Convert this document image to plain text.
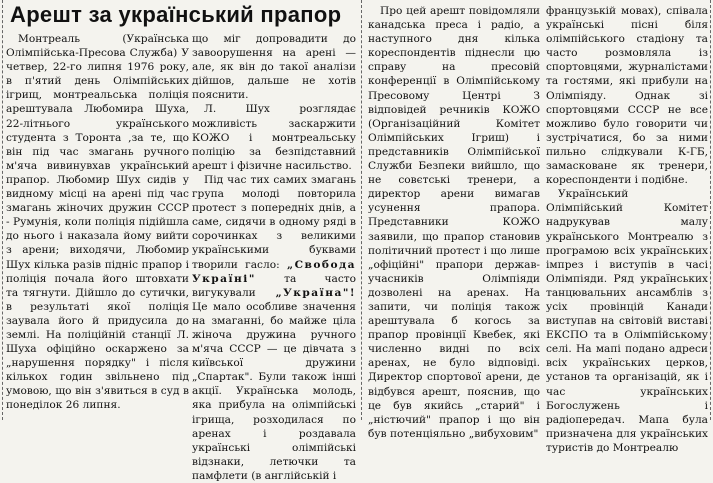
Арешт за український прапор

Монтреаль (Українська Олімпійська-Пресова Служба) У четвер, 22-го липня 1976 року, в п'ятий день Олімпійських ігрищ, монтреальська поліція арештувала Любомира Шуха, 22-літнього українського студента з Торонта ,за те, що він під час змагань ручного м'яча вивинувхав український прапор. Любомир Шух сидів у видному місці на арені під час змагань жіночих дружин СССР - Румунія, коли поліція підійшла до нього і наказала йому вийти з арени; виходячи, Любомир Шух кілька разів підніс прапор і поліція почала його штовхати та тягнути. Дійшло до сутички, в результаті якої поліція заувала його й придусила до землі. На поліційній станції Л. Шуха офіційно оскаржено за „нарушення порядку" і після кількох годин звільнено під умовою, що він з'явиться в суд в понеділок 26 липня.

що міг допровадити до завоорушення на арені — але, як він до такої аналізи дійшов, дальше не хотів пояснити.

Л. Шух розглядає можливість заскаржити КОЖО і монтреальську поліцію за безпідставний арешт і фізичне насильство.

Під час тих самих змагань група молоді повторила протест з попередніх днів, а саме, сидячи в одному ряді в сорочинках з великими українськими буквами творили гасло: „Свобода Україні" та часто вигукували „Україна"! Це мало особливе значення на змаганні, бо майже ціла жіноча дружина ручного м'яча СССР — це дівчата з київської дружини „Спартак". Були також інші акції. Українська молодь, яка прибула на олімпійські ігрища, розходилася по аренах і роздавала українські олімпійські відзнаки, летючки та памфлети (в англійській і

Про цей арешт повідомляли канадська преса і радіо, а наступного дня кілька кореспондентів піднесли цю справу на пресовій конференції в Олімпійському Пресовому Центрі З відповідей речників КОЖО (Організаційний Комітет Олімпійських Ігриш) і представників Олімпійської Служби Безпеки вийшло, що не совєтські тренери, а директор арени вимагав усунення прапора. Представники КОЖО заявили, що прапор становив політичний протест і що лише „офіційні" прапори держав-учасників Олімпіяди дозволені на аренах. На запити, чи поліція також арештувала б когось за прапор провінції Квебек, які численно видні по всіх аренах, не було відповіді. Директор спортової арени, де відбувся арешт, пояснив, що це був якийсь „старий" і „ністючий" прапор і що він був потенціяльно „вибуховим"

французькій мовах), співала українські пісні біля олімпійського стадіону та часто розмовляла із спортовцями, журналістами та гостями, які прибули на Олімпіяду. Однак зі спортовцями СССР не все можливо було говорити чи зустрічатися, бо за ними пильно слідкували К-ГБ, замасковане як тренери, кореспонденти і подібне.

Український Олімпійський Комітет надрукував малу українського Монтреалю з програмою всіх українських імпрез і виступів в часі Олімпіяди. Ряд українських танцювальних ансамблів з усіх провінцій Канади виступав на світовій виставі ЕКСПО та в Олімпійському селі. На мапі подано адреси всіх українських церков, установ та організацій, як і час українських Богослужень і радіопередач. Мапа була призначена для українських туристів до Монтреалю
